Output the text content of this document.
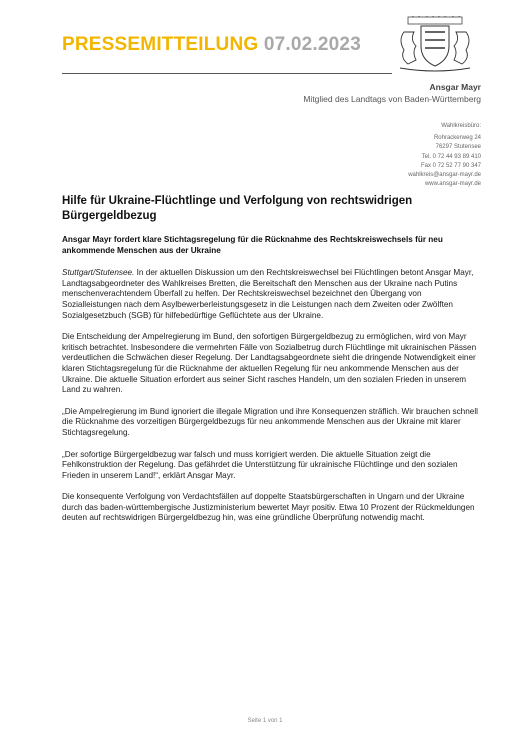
PRESSEMITTEILUNG 07.02.2023
Ansgar Mayr
Mitglied des Landtags von Baden-Württemberg
Wahlkreisbüro:
Rohrackerweg 24
76297 Stutensee
Tel. 0 72 44 93 89 410
Fax 0 72 52 77 90 347
wahlkreis@ansgar-mayr.de
www.ansgar-mayr.de
Hilfe für Ukraine-Flüchtlinge und Verfolgung von rechtswidrigen Bürgergeldbezug
Ansgar Mayr fordert klare Stichtagsregelung für die Rücknahme des Rechtskreiswechsels für neu ankommende Menschen aus der Ukraine

Stuttgart/Stutensee. In der aktuellen Diskussion um den Rechtskreiswechsel bei Flüchtlingen betont Ansgar Mayr, Landtagsabgeordneter des Wahlkreises Bretten, die Bereitschaft den Menschen aus der Ukraine nach Putins menschenverachtendem Überfall zu helfen. Der Rechtskreiswechsel bezeichnet den Übergang von Sozialleistungen nach dem Asylbewerberleistungsgesetz in die Leistungen nach dem Zweiten oder Zwölften Sozialgesetzbuch (SGB) für hilfebedürftige Geflüchtete aus der Ukraine.

Die Entscheidung der Ampelregierung im Bund, den sofortigen Bürgergeldbezug zu ermöglichen, wird von Mayr kritisch betrachtet. Insbesondere die vermehrten Fälle von Sozialbetrug durch Flüchtlinge mit ukrainischen Pässen verdeutlichen die Schwächen dieser Regelung. Der Landtagsabgeordnete sieht die dringende Notwendigkeit einer klaren Stichtagsregelung für die Rücknahme der aktuellen Regelung für neu ankommende Menschen aus der Ukraine. Die aktuelle Situation erfordert aus seiner Sicht rasches Handeln, um den sozialen Frieden in unserem Land zu wahren.

„Die Ampelregierung im Bund ignoriert die illegale Migration und ihre Konsequenzen sträflich. Wir brauchen schnell die Rücknahme des vorzeitigen Bürgergeldbezugs für neu ankommende Menschen aus der Ukraine mit klarer Stichtagsregelung.

„Der sofortige Bürgergeldbezug war falsch und muss korrigiert werden. Die aktuelle Situation zeigt die Fehlkonstruktion der Regelung. Das gefährdet die Unterstützung für ukrainische Flüchtlinge und den sozialen Frieden in unserem Land!“, erklärt Ansgar Mayr.

Die konsequente Verfolgung von Verdachtsfällen auf doppelte Staatsbürgerschaften in Ungarn und der Ukraine durch das baden-württembergische Justizministerium bewertet Mayr positiv. Etwa 10 Prozent der Rückmeldungen deuten auf rechtswidrigen Bürgergeldbezug hin, was eine gründliche Überprüfung notwendig macht.

Seite 1 von 1
